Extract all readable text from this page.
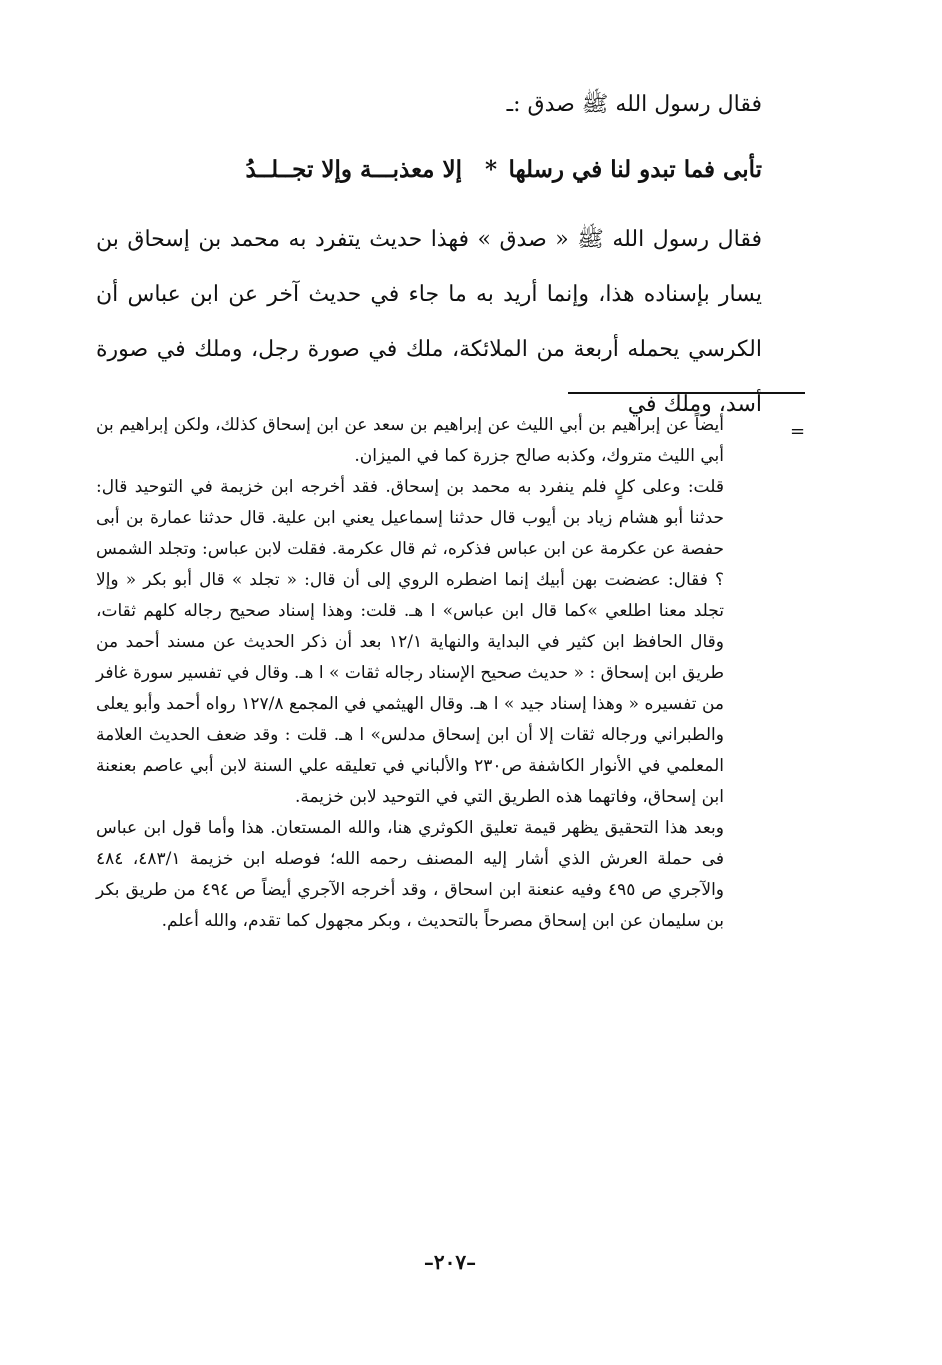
فقال رسول الله ﷺ صدق :ـ
تأبى فما تبدو لنا في رسلها
*
إلا معذبـــة وإلا تجــلــدُ
فقال رسول الله ﷺ « صدق » فهذا حديث يتفرد به محمد بن إسحاق بن يسار بإسناده هذا، وإنما أريد به ما جاء في حديث آخر عن ابن عباس أن الكرسي يحمله أربعة من الملائكة، ملك في صورة رجل، وملك في صورة أسد، وملك في
=

أيضاً عن إبراهيم بن أبي الليث عن إبراهيم بن سعد عن ابن إسحاق كذلك، ولكن إبراهيم بن أبي الليث متروك، وكذبه صالح جزرة كما في الميزان.

قلت: وعلى كلٍ فلم ينفرد به محمد بن إسحاق. فقد أخرجه ابن خزيمة في التوحيد قال: حدثنا أبو هشام زياد بن أيوب قال حدثنا إسماعيل يعني ابن علية. قال حدثنا عمارة بن أبى حفصة عن عكرمة عن ابن عباس فذكره، ثم قال عكرمة. فقلت لابن عباس: وتجلد الشمس ؟ فقال: عضضت بهن أبيك إنما اضطره الروي إلى أن قال: « تجلد » قال أبو بكر « وإلا تجلد معنا اطلعي »كما قال ابن عباس» ا هـ. قلت: وهذا إسناد صحيح رجاله كلهم ثقات، وقال الحافظ ابن كثير في البداية والنهاية ١٢/١ بعد أن ذكر الحديث عن مسند أحمد من طريق ابن إسحاق : « حديث صحيح الإسناد رجاله ثقات » ا هـ. وقال في تفسير سورة غافر من تفسيره « وهذا إسناد جيد » ا هـ. وقال الهيثمي في المجمع ١٢٧/٨ رواه أحمد وأبو يعلى والطبراني ورجاله ثقات إلا أن ابن إسحاق مدلس» ا هـ. قلت : وقد ضعف الحديث العلامة المعلمي في الأنوار الكاشفة ص٢٣٠ والألباني في تعليقه علي السنة لابن أبي عاصم بعنعنة ابن إسحاق، وفاتهما هذه الطريق التي في التوحيد لابن خزيمة.

وبعد هذا التحقيق يظهر قيمة تعليق الكوثري هنا، والله المستعان. هذا وأما قول ابن عباس فى حملة العرش الذي أشار إليه المصنف رحمه الله؛ فوصله ابن خزيمة ٤٨٣/١، ٤٨٤ والآجري ص ٤٩٥ وفيه عنعنة ابن اسحاق ، وقد أخرجه الآجري أيضاً ص ٤٩٤ من طريق بكر بن سليمان عن ابن إسحاق مصرحاً بالتحديث ، وبكر مجهول كما تقدم، والله أعلم.

–٢٠٧–
